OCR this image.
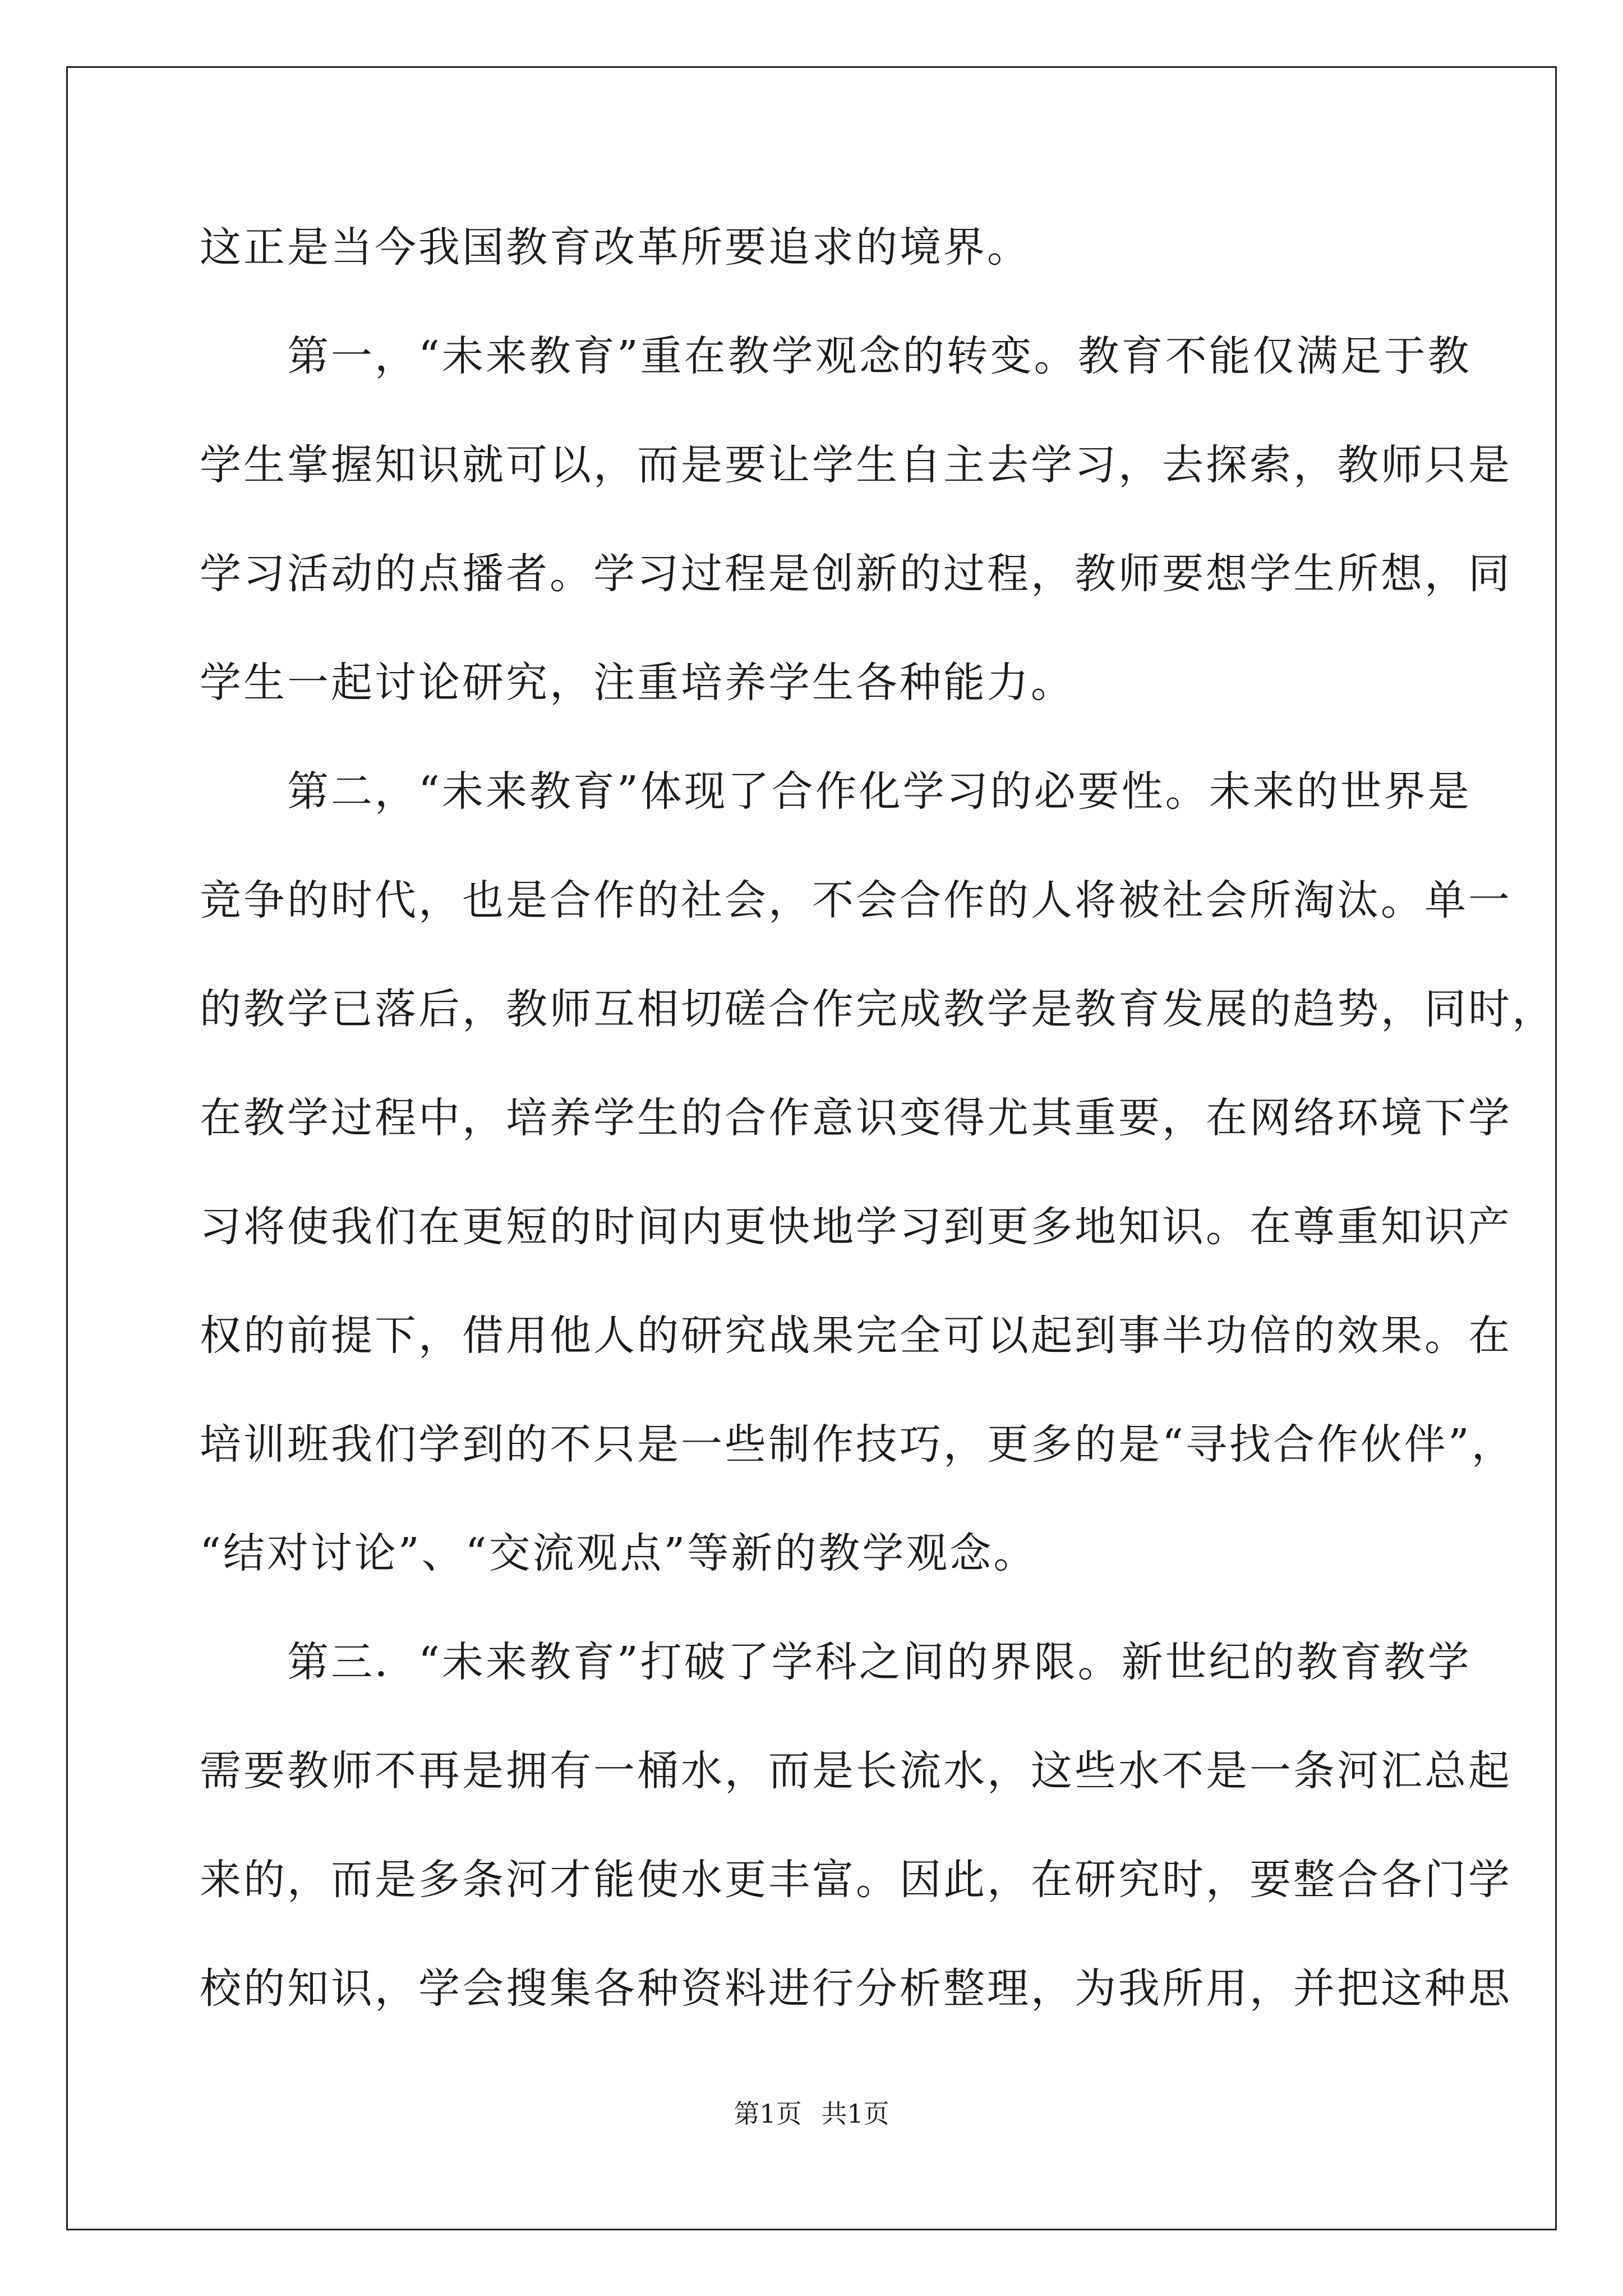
这正是当今我国教育改革所要追求的境界。
　　第一，“未来教育”重在教学观念的转变。教育不能仅满足于教
学生掌握知识就可以，而是要让学生自主去学习，去探索，教师只是
学习活动的点播者。学习过程是创新的过程，教师要想学生所想，同
学生一起讨论研究，注重培养学生各种能力。
　　第二，“未来教育”体现了合作化学习的必要性。未来的世界是
竞争的时代，也是合作的社会，不会合作的人将被社会所淘汰。单一
的教学已落后，教师互相切磋合作完成教学是教育发展的趋势，同时，
在教学过程中，培养学生的合作意识变得尤其重要，在网络环境下学
习将使我们在更短的时间内更快地学习到更多地知识。在尊重知识产
权的前提下，借用他人的研究战果完全可以起到事半功倍的效果。在
培训班我们学到的不只是一些制作技巧，更多的是“寻找合作伙伴”，
“结对讨论”、“交流观点”等新的教学观念。
　　第三．“未来教育”打破了学科之间的界限。新世纪的教育教学
需要教师不再是拥有一桶水，而是长流水，这些水不是一条河汇总起
来的，而是多条河才能使水更丰富。因此，在研究时，要整合各门学
校的知识，学会搜集各种资料进行分析整理，为我所用，并把这种思
第1页 共1页
